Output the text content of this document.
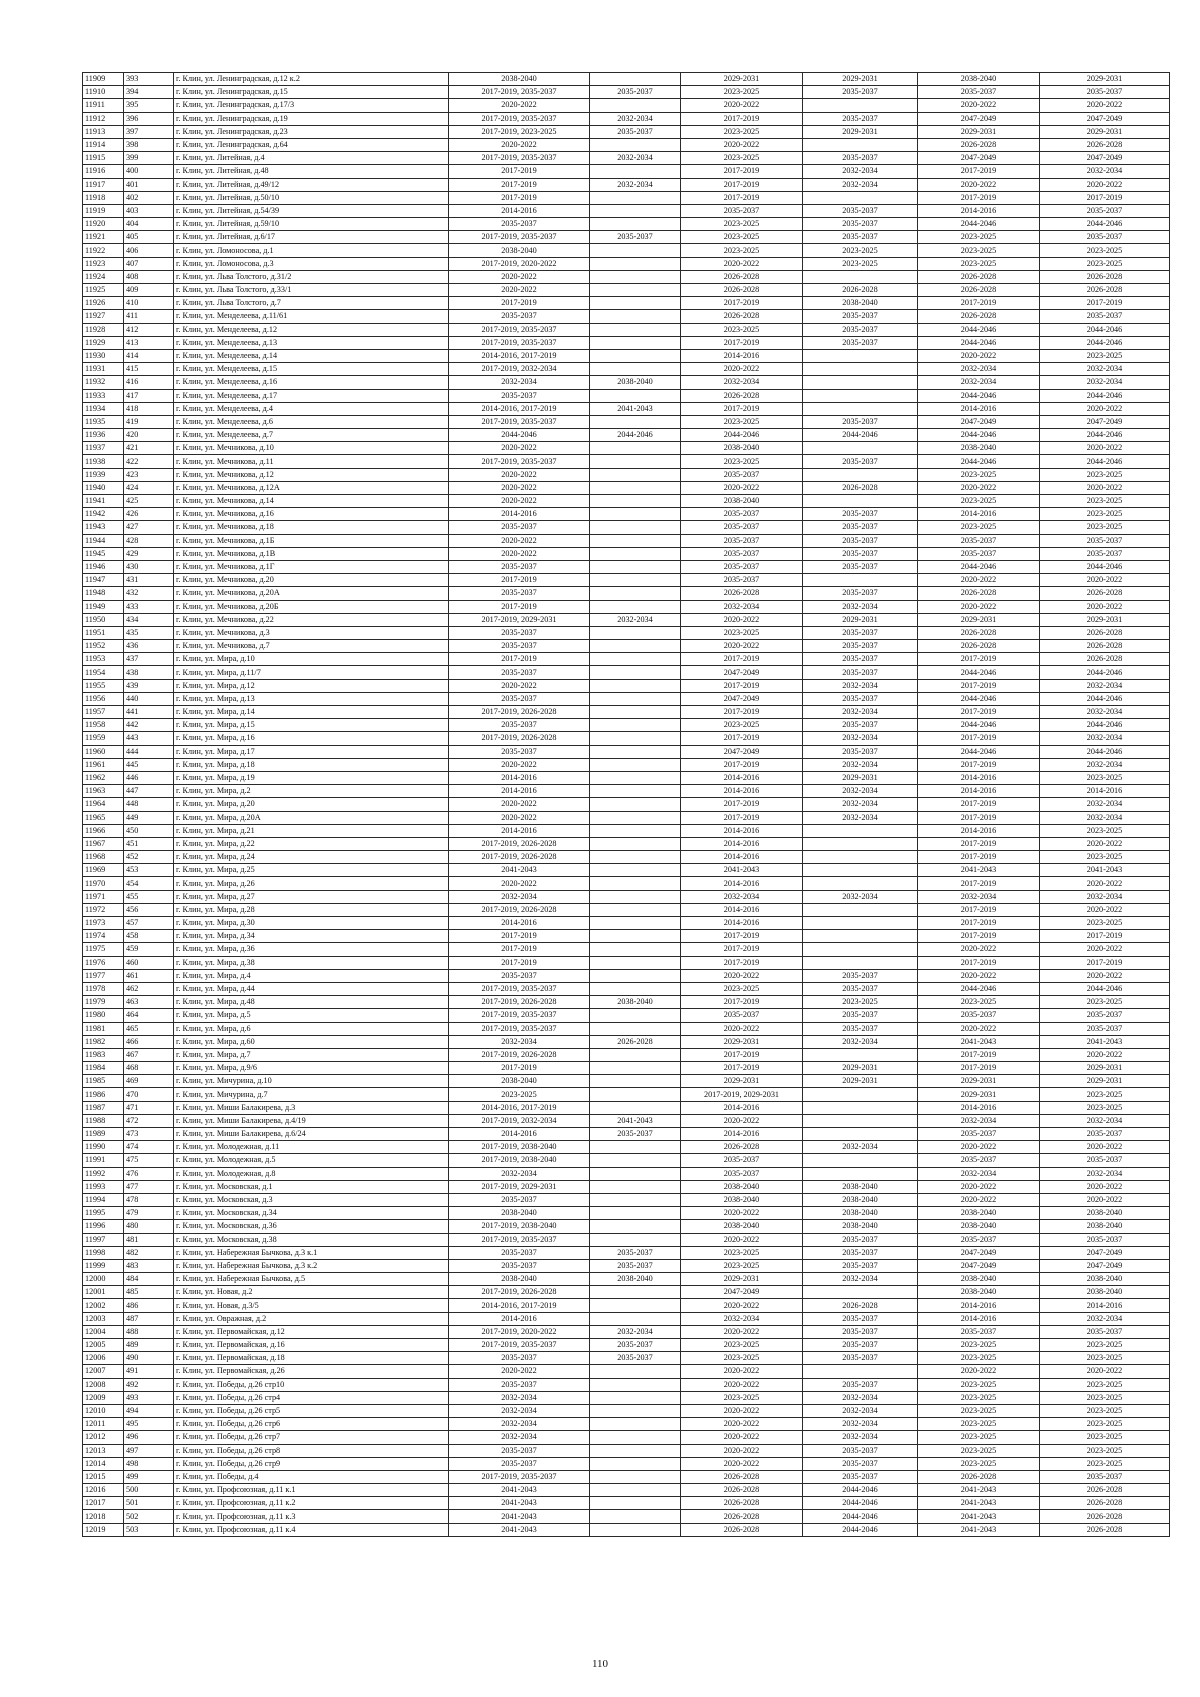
11909	393	г. Клин, ул. Ленинградская, д.12 к.2	2038-2040		2029-2031	2029-2031	2038-2040	2029-2031
11910	394	г. Клин, ул. Ленинградская, д.15	2017-2019, 2035-2037	2035-2037	2023-2025	2035-2037	2035-2037	2035-2037
11911	395	г. Клин, ул. Ленинградская, д.17/3	2020-2022		2020-2022		2020-2022	2020-2022
11912	396	г. Клин, ул. Ленинградская, д.19	2017-2019, 2035-2037	2032-2034	2017-2019	2035-2037	2047-2049	2047-2049
11913	397	г. Клин, ул. Ленинградская, д.23	2017-2019, 2023-2025	2035-2037	2023-2025	2029-2031	2029-2031	2029-2031
11914	398	г. Клин, ул. Ленинградская, д.64	2020-2022		2020-2022		2026-2028	2026-2028
11915	399	г. Клин, ул. Литейная, д.4	2017-2019, 2035-2037	2032-2034	2023-2025	2035-2037	2047-2049	2047-2049
11916	400	г. Клин, ул. Литейная, д.48	2017-2019		2017-2019	2032-2034	2017-2019	2032-2034
11917	401	г. Клин, ул. Литейная, д.49/12	2017-2019	2032-2034	2017-2019	2032-2034	2020-2022	2020-2022
11918	402	г. Клин, ул. Литейная, д.50/10	2017-2019		2017-2019		2017-2019	2017-2019
11919	403	г. Клин, ул. Литейная, д.54/39	2014-2016		2035-2037	2035-2037	2014-2016	2035-2037
11920	404	г. Клин, ул. Литейная, д.59/10	2035-2037		2023-2025	2035-2037	2044-2046	2044-2046
11921	405	г. Клин, ул. Литейная, д.6/17	2017-2019, 2035-2037	2035-2037	2023-2025	2035-2037	2023-2025	2035-2037
11922	406	г. Клин, ул. Ломоносова, д.1	2038-2040		2023-2025	2023-2025	2023-2025	2023-2025
11923	407	г. Клин, ул. Ломоносова, д.3	2017-2019, 2020-2022		2020-2022	2023-2025	2023-2025	2023-2025
11924	408	г. Клин, ул. Льва Толстого, д.31/2	2020-2022		2026-2028		2026-2028	2026-2028
11925	409	г. Клин, ул. Льва Толстого, д.33/1	2020-2022		2026-2028	2026-2028	2026-2028	2026-2028
11926	410	г. Клин, ул. Льва Толстого, д.7	2017-2019		2017-2019	2038-2040	2017-2019	2017-2019
11927	411	г. Клин, ул. Менделеева, д.11/61	2035-2037		2026-2028	2035-2037	2026-2028	2035-2037
11928	412	г. Клин, ул. Менделеева, д.12	2017-2019, 2035-2037		2023-2025	2035-2037	2044-2046	2044-2046
11929	413	г. Клин, ул. Менделеева, д.13	2017-2019, 2035-2037		2017-2019	2035-2037	2044-2046	2044-2046
11930	414	г. Клин, ул. Менделеева, д.14	2014-2016, 2017-2019		2014-2016		2020-2022	2023-2025
11931	415	г. Клин, ул. Менделеева, д.15	2017-2019, 2032-2034		2020-2022		2032-2034	2032-2034
11932	416	г. Клин, ул. Менделеева, д.16	2032-2034	2038-2040	2032-2034		2032-2034	2032-2034
11933	417	г. Клин, ул. Менделеева, д.17	2035-2037		2026-2028		2044-2046	2044-2046
11934	418	г. Клин, ул. Менделеева, д.4	2014-2016, 2017-2019	2041-2043	2017-2019		2014-2016	2020-2022
11935	419	г. Клин, ул. Менделеева, д.6	2017-2019, 2035-2037		2023-2025	2035-2037	2047-2049	2047-2049
11936	420	г. Клин, ул. Менделеева, д.7	2044-2046	2044-2046	2044-2046	2044-2046	2044-2046	2044-2046
11937	421	г. Клин, ул. Мечникова, д.10	2020-2022		2038-2040		2038-2040	2020-2022
11938	422	г. Клин, ул. Мечникова, д.11	2017-2019, 2035-2037		2023-2025	2035-2037	2044-2046	2044-2046
11939	423	г. Клин, ул. Мечникова, д.12	2020-2022		2035-2037		2023-2025	2023-2025
11940	424	г. Клин, ул. Мечникова, д.12А	2020-2022		2020-2022	2026-2028	2020-2022	2020-2022
11941	425	г. Клин, ул. Мечникова, д.14	2020-2022		2038-2040		2023-2025	2023-2025
11942	426	г. Клин, ул. Мечникова, д.16	2014-2016		2035-2037	2035-2037	2014-2016	2023-2025
11943	427	г. Клин, ул. Мечникова, д.18	2035-2037		2035-2037	2035-2037	2023-2025	2023-2025
11944	428	г. Клин, ул. Мечникова, д.1Б	2020-2022		2035-2037	2035-2037	2035-2037	2035-2037
11945	429	г. Клин, ул. Мечникова, д.1В	2020-2022		2035-2037	2035-2037	2035-2037	2035-2037
11946	430	г. Клин, ул. Мечникова, д.1Г	2035-2037		2035-2037	2035-2037	2044-2046	2044-2046
11947	431	г. Клин, ул. Мечникова, д.20	2017-2019		2035-2037		2020-2022	2020-2022
11948	432	г. Клин, ул. Мечникова, д.20А	2035-2037		2026-2028	2035-2037	2026-2028	2026-2028
11949	433	г. Клин, ул. Мечникова, д.20Б	2017-2019		2032-2034	2032-2034	2020-2022	2020-2022
11950	434	г. Клин, ул. Мечникова, д.22	2017-2019, 2029-2031	2032-2034	2020-2022	2029-2031	2029-2031	2029-2031
11951	435	г. Клин, ул. Мечникова, д.3	2035-2037		2023-2025	2035-2037	2026-2028	2026-2028
11952	436	г. Клин, ул. Мечникова, д.7	2035-2037		2020-2022	2035-2037	2026-2028	2026-2028
11953	437	г. Клин, ул. Мира, д.10	2017-2019		2017-2019	2035-2037	2017-2019	2026-2028
11954	438	г. Клин, ул. Мира, д.11/7	2035-2037		2047-2049	2035-2037	2044-2046	2044-2046
11955	439	г. Клин, ул. Мира, д.12	2020-2022		2017-2019	2032-2034	2017-2019	2032-2034
11956	440	г. Клин, ул. Мира, д.13	2035-2037		2047-2049	2035-2037	2044-2046	2044-2046
11957	441	г. Клин, ул. Мира, д.14	2017-2019, 2026-2028		2017-2019	2032-2034	2017-2019	2032-2034
11958	442	г. Клин, ул. Мира, д.15	2035-2037		2023-2025	2035-2037	2044-2046	2044-2046
11959	443	г. Клин, ул. Мира, д.16	2017-2019, 2026-2028		2017-2019	2032-2034	2017-2019	2032-2034
11960	444	г. Клин, ул. Мира, д.17	2035-2037		2047-2049	2035-2037	2044-2046	2044-2046
11961	445	г. Клин, ул. Мира, д.18	2020-2022		2017-2019	2032-2034	2017-2019	2032-2034
11962	446	г. Клин, ул. Мира, д.19	2014-2016		2014-2016	2029-2031	2014-2016	2023-2025
11963	447	г. Клин, ул. Мира, д.2	2014-2016		2014-2016	2032-2034	2014-2016	2014-2016
11964	448	г. Клин, ул. Мира, д.20	2020-2022		2017-2019	2032-2034	2017-2019	2032-2034
11965	449	г. Клин, ул. Мира, д.20А	2020-2022		2017-2019	2032-2034	2017-2019	2032-2034
11966	450	г. Клин, ул. Мира, д.21	2014-2016		2014-2016		2014-2016	2023-2025
11967	451	г. Клин, ул. Мира, д.22	2017-2019, 2026-2028		2014-2016		2017-2019	2020-2022
11968	452	г. Клин, ул. Мира, д.24	2017-2019, 2026-2028		2014-2016		2017-2019	2023-2025
11969	453	г. Клин, ул. Мира, д.25	2041-2043		2041-2043		2041-2043	2041-2043
11970	454	г. Клин, ул. Мира, д.26	2020-2022		2014-2016		2017-2019	2020-2022
11971	455	г. Клин, ул. Мира, д.27	2032-2034		2032-2034	2032-2034	2032-2034	2032-2034
11972	456	г. Клин, ул. Мира, д.28	2017-2019, 2026-2028		2014-2016		2017-2019	2020-2022
11973	457	г. Клин, ул. Мира, д.30	2014-2016		2014-2016		2017-2019	2023-2025
11974	458	г. Клин, ул. Мира, д.34	2017-2019		2017-2019		2017-2019	2017-2019
11975	459	г. Клин, ул. Мира, д.36	2017-2019		2017-2019		2020-2022	2020-2022
11976	460	г. Клин, ул. Мира, д.38	2017-2019		2017-2019		2017-2019	2017-2019
11977	461	г. Клин, ул. Мира, д.4	2035-2037		2020-2022	2035-2037	2020-2022	2020-2022
11978	462	г. Клин, ул. Мира, д.44	2017-2019, 2035-2037		2023-2025	2035-2037	2044-2046	2044-2046
11979	463	г. Клин, ул. Мира, д.48	2017-2019, 2026-2028	2038-2040	2017-2019	2023-2025	2023-2025	2023-2025
11980	464	г. Клин, ул. Мира, д.5	2017-2019, 2035-2037		2035-2037	2035-2037	2035-2037	2035-2037
11981	465	г. Клин, ул. Мира, д.6	2017-2019, 2035-2037		2020-2022	2035-2037	2020-2022	2035-2037
11982	466	г. Клин, ул. Мира, д.60	2032-2034	2026-2028	2029-2031	2032-2034	2041-2043	2041-2043
11983	467	г. Клин, ул. Мира, д.7	2017-2019, 2026-2028		2017-2019		2017-2019	2020-2022
11984	468	г. Клин, ул. Мира, д.9/6	2017-2019		2017-2019	2029-2031	2017-2019	2029-2031
11985	469	г. Клин, ул. Мичурина, д.10	2038-2040		2029-2031	2029-2031	2029-2031	2029-2031
11986	470	г. Клин, ул. Мичурина, д.7	2023-2025		2017-2019, 2029-2031		2029-2031	2023-2025
11987	471	г. Клин, ул. Миши Балакирева, д.3	2014-2016, 2017-2019		2014-2016		2014-2016	2023-2025
11988	472	г. Клин, ул. Миши Балакирева, д.4/19	2017-2019, 2032-2034	2041-2043	2020-2022		2032-2034	2032-2034
11989	473	г. Клин, ул. Миши Балакирева, д.6/24	2014-2016	2035-2037	2014-2016		2035-2037	2035-2037
11990	474	г. Клин, ул. Молодежная, д.11	2017-2019, 2038-2040		2026-2028	2032-2034	2020-2022	2020-2022
11991	475	г. Клин, ул. Молодежная, д.5	2017-2019, 2038-2040		2035-2037		2035-2037	2035-2037
11992	476	г. Клин, ул. Молодежная, д.8	2032-2034		2035-2037		2032-2034	2032-2034
11993	477	г. Клин, ул. Московская, д.1	2017-2019, 2029-2031		2038-2040	2038-2040	2020-2022	2020-2022
11994	478	г. Клин, ул. Московская, д.3	2035-2037		2038-2040	2038-2040	2020-2022	2020-2022
11995	479	г. Клин, ул. Московская, д.34	2038-2040		2020-2022	2038-2040	2038-2040	2038-2040
11996	480	г. Клин, ул. Московская, д.36	2017-2019, 2038-2040		2038-2040	2038-2040	2038-2040	2038-2040
11997	481	г. Клин, ул. Московская, д.38	2017-2019, 2035-2037		2020-2022	2035-2037	2035-2037	2035-2037
11998	482	г. Клин, ул. Набережная Бычкова, д.3 к.1	2035-2037	2035-2037	2023-2025	2035-2037	2047-2049	2047-2049
11999	483	г. Клин, ул. Набережная Бычкова, д.3 к.2	2035-2037	2035-2037	2023-2025	2035-2037	2047-2049	2047-2049
12000	484	г. Клин, ул. Набережная Бычкова, д.5	2038-2040	2038-2040	2029-2031	2032-2034	2038-2040	2038-2040
12001	485	г. Клин, ул. Новая, д.2	2017-2019, 2026-2028		2047-2049		2038-2040	2038-2040
12002	486	г. Клин, ул. Новая, д.3/5	2014-2016, 2017-2019		2020-2022	2026-2028	2014-2016	2014-2016
12003	487	г. Клин, ул. Овражная, д.2	2014-2016		2032-2034	2035-2037	2014-2016	2032-2034
12004	488	г. Клин, ул. Первомайская, д.12	2017-2019, 2020-2022	2032-2034	2020-2022	2035-2037	2035-2037	2035-2037
12005	489	г. Клин, ул. Первомайская, д.16	2017-2019, 2035-2037	2035-2037	2023-2025	2035-2037	2023-2025	2023-2025
12006	490	г. Клин, ул. Первомайская, д.18	2035-2037	2035-2037	2023-2025	2035-2037	2023-2025	2023-2025
12007	491	г. Клин, ул. Первомайская, д.26	2020-2022		2020-2022		2020-2022	2020-2022
12008	492	г. Клин, ул. Победы, д.26 стр10	2035-2037		2020-2022	2035-2037	2023-2025	2023-2025
12009	493	г. Клин, ул. Победы, д.26 стр4	2032-2034		2023-2025	2032-2034	2023-2025	2023-2025
12010	494	г. Клин, ул. Победы, д.26 стр5	2032-2034		2020-2022	2032-2034	2023-2025	2023-2025
12011	495	г. Клин, ул. Победы, д.26 стр6	2032-2034		2020-2022	2032-2034	2023-2025	2023-2025
12012	496	г. Клин, ул. Победы, д.26 стр7	2032-2034		2020-2022	2032-2034	2023-2025	2023-2025
12013	497	г. Клин, ул. Победы, д.26 стр8	2035-2037		2020-2022	2035-2037	2023-2025	2023-2025
12014	498	г. Клин, ул. Победы, д.26 стр9	2035-2037		2020-2022	2035-2037	2023-2025	2023-2025
12015	499	г. Клин, ул. Победы, д.4	2017-2019, 2035-2037		2026-2028	2035-2037	2026-2028	2035-2037
12016	500	г. Клин, ул. Профсоюзная, д.11 к.1	2041-2043		2026-2028	2044-2046	2041-2043	2026-2028
12017	501	г. Клин, ул. Профсоюзная, д.11 к.2	2041-2043		2026-2028	2044-2046	2041-2043	2026-2028
12018	502	г. Клин, ул. Профсоюзная, д.11 к.3	2041-2043		2026-2028	2044-2046	2041-2043	2026-2028
12019	503	г. Клин, ул. Профсоюзная, д.11 к.4	2041-2043		2026-2028	2044-2046	2041-2043	2026-2028
110
